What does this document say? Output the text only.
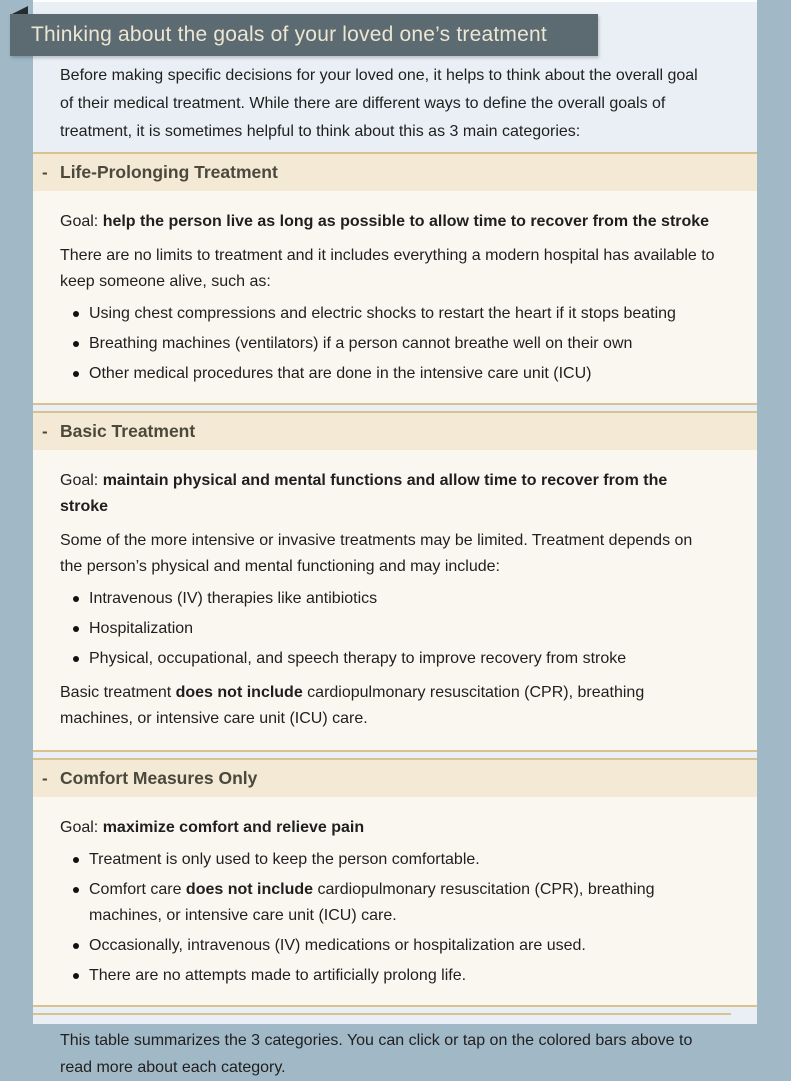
Before making specific decisions for your loved one, it helps to think about the overall goal of their medical treatment. While there are different ways to define the overall goals of treatment, it is sometimes helpful to think about this as 3 main categories:

- Life-Prolonging Treatment

Goal: help the person live as long as possible to allow time to recover from the stroke

There are no limits to treatment and it includes everything a modern hospital has available to keep someone alive, such as:

Using chest compressions and electric shocks to restart the heart if it stops beating
Breathing machines (ventilators) if a person cannot breathe well on their own
Other medical procedures that are done in the intensive care unit (ICU)
- Basic Treatment

Goal: maintain physical and mental functions and allow time to recover from the stroke

Some of the more intensive or invasive treatments may be limited. Treatment depends on the person’s physical and mental functioning and may include:

Intravenous (IV) therapies like antibiotics
Hospitalization
Physical, occupational, and speech therapy to improve recovery from stroke

Basic treatment does not include cardiopulmonary resuscitation (CPR), breathing machines, or intensive care unit (ICU) care.

- Comfort Measures Only

Goal: maximize comfort and relieve pain

Treatment is only used to keep the person comfortable.
Comfort care does not include cardiopulmonary resuscitation (CPR), breathing machines, or intensive care unit (ICU) care.
Occasionally, intravenous (IV) medications or hospitalization are used.
There are no attempts made to artificially prolong life.

This table summarizes the 3 categories. You can click or tap on the colored bars above to read more about each category.

Thinking about the goals of your loved one’s treatment
